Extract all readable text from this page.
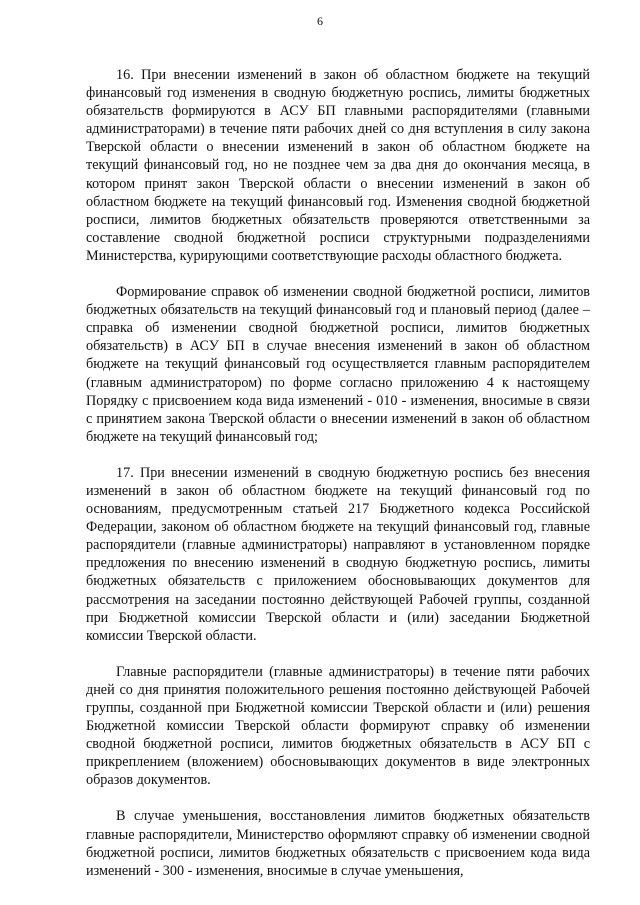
6

16. При внесении изменений в закон об областном бюджете на текущий финансовый год изменения в сводную бюджетную роспись, лимиты бюджетных обязательств формируются в АСУ БП главными распорядителями (главными администраторами) в течение пяти рабочих дней со дня вступления в силу закона Тверской области о внесении изменений в закон об областном бюджете на текущий финансовый год, но не позднее чем за два дня до окончания месяца, в котором принят закон Тверской области о внесении изменений в закон об областном бюджете на текущий финансовый год. Изменения сводной бюджетной росписи, лимитов бюджетных обязательств проверяются ответственными за составление сводной бюджетной росписи структурными подразделениями Министерства, курирующими соответствующие расходы областного бюджета.

Формирование справок об изменении сводной бюджетной росписи, лимитов бюджетных обязательств на текущий финансовый год и плановый период (далее – справка об изменении сводной бюджетной росписи, лимитов бюджетных обязательств) в АСУ БП в случае внесения изменений в закон об областном бюджете на текущий финансовый год осуществляется главным распорядителем (главным администратором) по форме согласно приложению 4 к настоящему Порядку с присвоением кода вида изменений - 010 - изменения, вносимые в связи с принятием закона Тверской области о внесении изменений в закон об областном бюджете на текущий финансовый год;

17. При внесении изменений в сводную бюджетную роспись без внесения изменений в закон об областном бюджете на текущий финансовый год по основаниям, предусмотренным статьей 217 Бюджетного кодекса Российской Федерации, законом об областном бюджете на текущий финансовый год, главные распорядители (главные администраторы) направляют в установленном порядке предложения по внесению изменений в сводную бюджетную роспись, лимиты бюджетных обязательств с приложением обосновывающих документов для рассмотрения на заседании постоянно действующей Рабочей группы, созданной при Бюджетной комиссии Тверской области и (или) заседании Бюджетной комиссии Тверской области.

Главные распорядители (главные администраторы) в течение пяти рабочих дней со дня принятия положительного решения постоянно действующей Рабочей группы, созданной при Бюджетной комиссии Тверской области и (или) решения Бюджетной комиссии Тверской области формируют справку об изменении сводной бюджетной росписи, лимитов бюджетных обязательств в АСУ БП с прикреплением (вложением) обосновывающих документов в виде электронных образов документов.

В случае уменьшения, восстановления лимитов бюджетных обязательств главные распорядители, Министерство оформляют справку об изменении сводной бюджетной росписи, лимитов бюджетных обязательств с присвоением кода вида изменений - 300 - изменения, вносимые в случае уменьшения,
